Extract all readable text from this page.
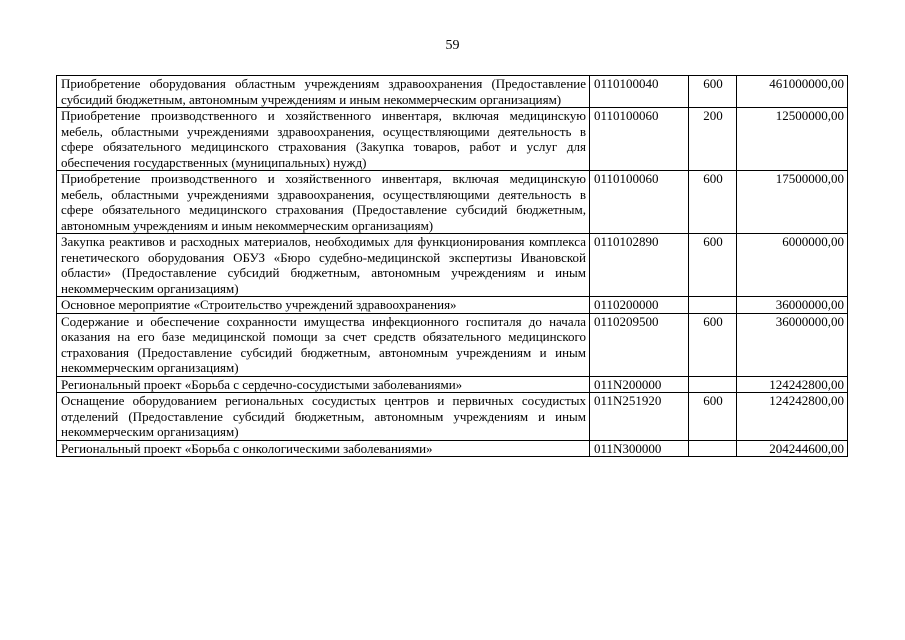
59
Приобретение оборудования областным учреждениям здравоохранения (Предоставление субсидий бюджетным, автономным учреждениям и иным некоммерческим организациям)	0110100040	600	461000000,00
Приобретение производственного и хозяйственного инвентаря, включая медицинскую мебель, областными учреждениями здравоохранения, осуществляющими деятельность в сфере обязательного медицинского страхования (Закупка товаров, работ и услуг для обеспечения государственных (муниципальных) нужд)	0110100060	200	12500000,00
Приобретение производственного и хозяйственного инвентаря, включая медицинскую мебель, областными учреждениями здравоохранения, осуществляющими деятельность в сфере обязательного медицинского страхования (Предоставление субсидий бюджетным, автономным учреждениям и иным некоммерческим организациям)	0110100060	600	17500000,00
Закупка реактивов и расходных материалов, необходимых для функционирования комплекса генетического оборудования ОБУЗ «Бюро судебно-медицинской экспертизы Ивановской области» (Предоставление субсидий бюджетным, автономным учреждениям и иным некоммерческим организациям)	0110102890	600	6000000,00
Основное мероприятие «Строительство учреждений здравоохранения»	0110200000		36000000,00
Содержание и обеспечение сохранности имущества инфекционного госпиталя до начала оказания на его базе медицинской помощи за счет средств обязательного медицинского страхования (Предоставление субсидий бюджетным, автономным учреждениям и иным некоммерческим организациям)	0110209500	600	36000000,00
Региональный проект «Борьба с сердечно-сосудистыми заболеваниями»	011N200000		124242800,00
Оснащение оборудованием региональных сосудистых центров и первичных сосудистых отделений (Предоставление субсидий бюджетным, автономным учреждениям и иным некоммерческим организациям)	011N251920	600	124242800,00
Региональный проект «Борьба с онкологическими заболеваниями»	011N300000		204244600,00
